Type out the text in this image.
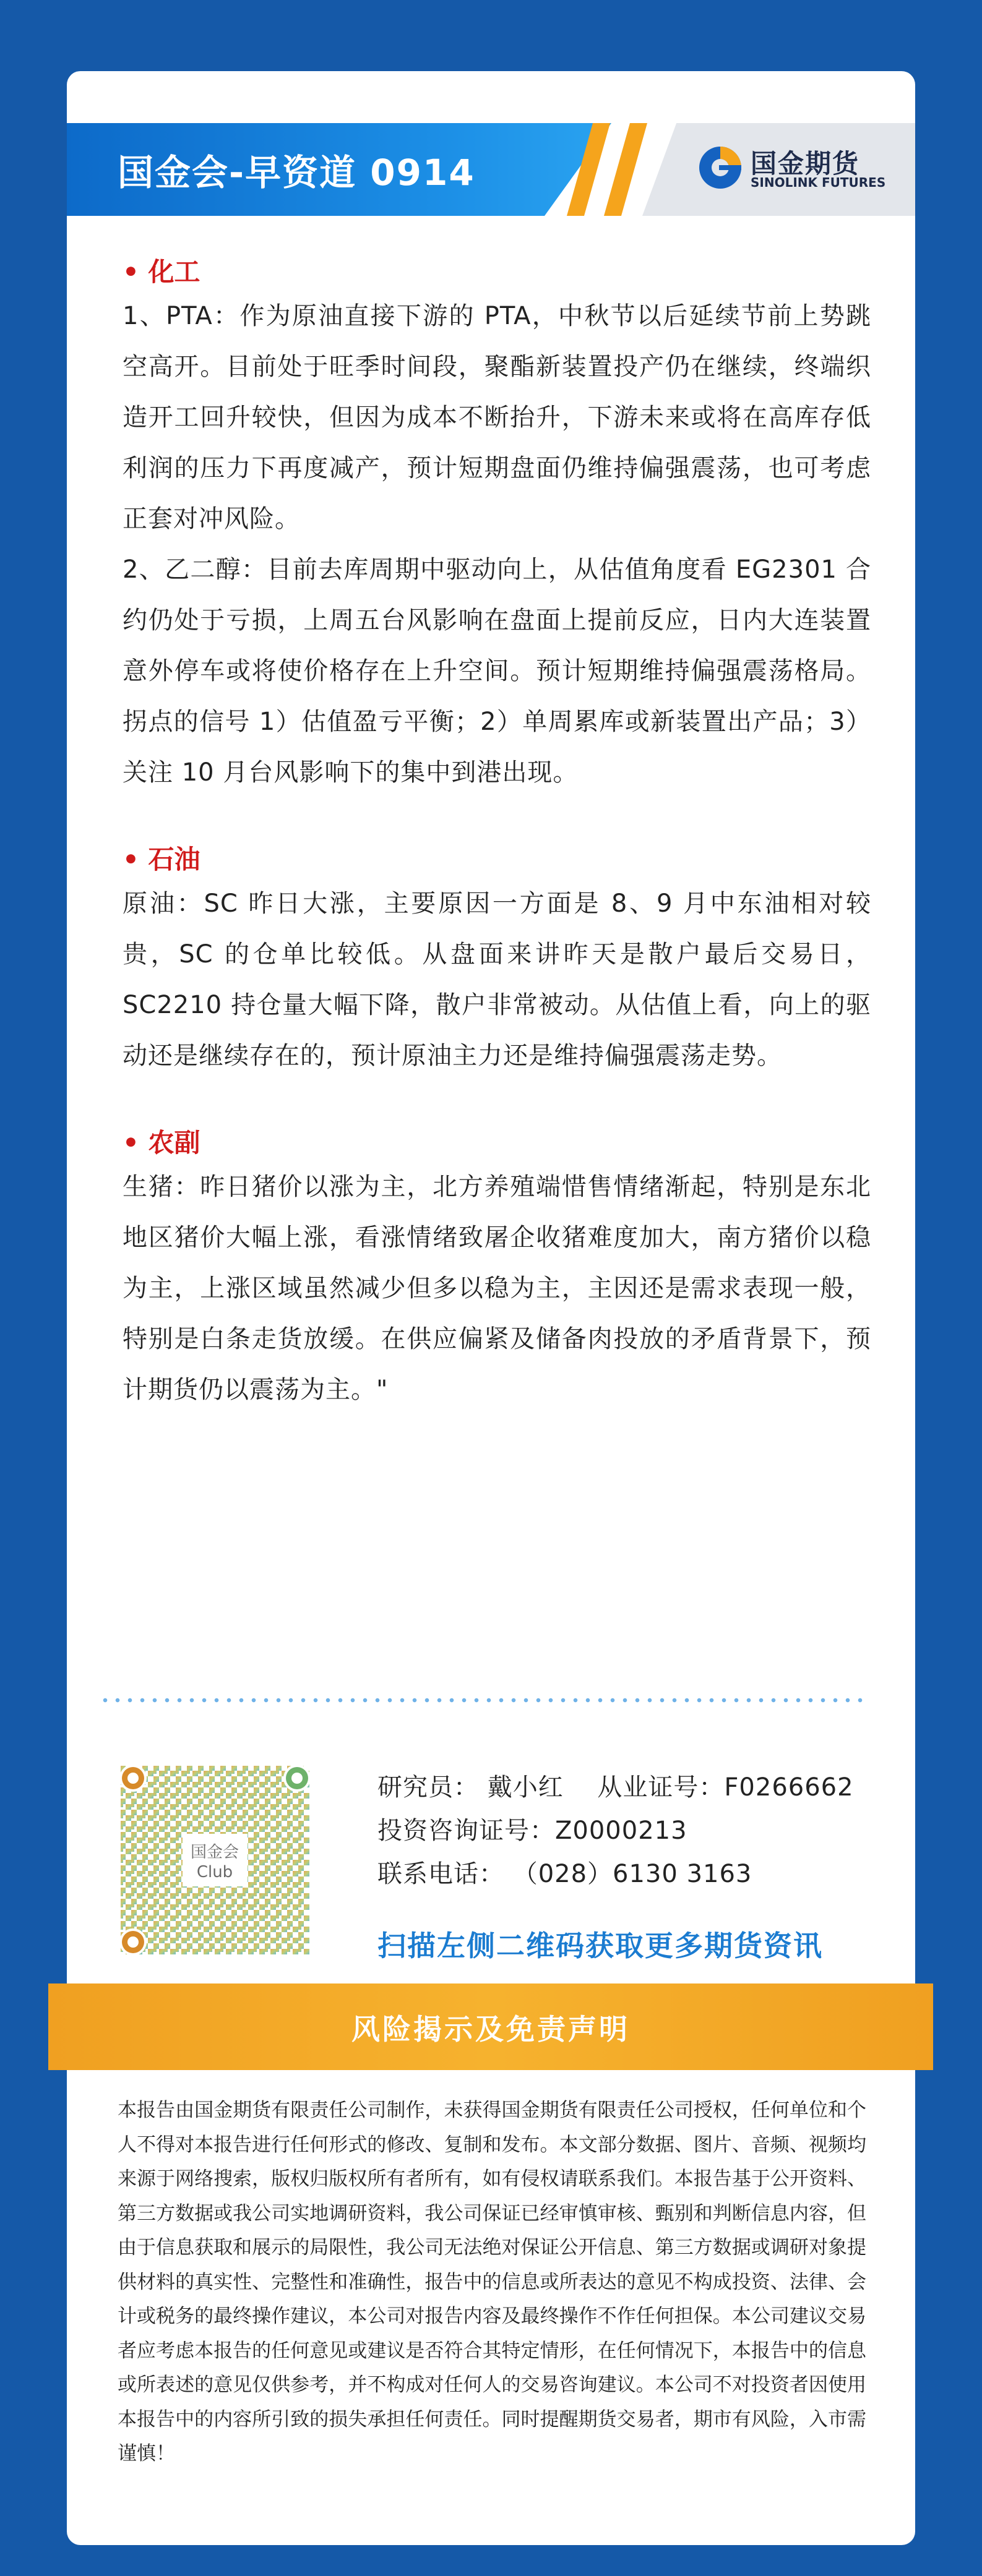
国金会-早资道 0914	国金期货
SINOLINK FUTURES
• 化工

1、PTA：作为原油直接下游的 PTA，中秋节以后延续节前上势跳空高开。目前处于旺季时间段，聚酯新装置投产仍在继续，终端织造开工回升较快，但因为成本不断抬升，下游未来或将在高库存低利润的压力下再度减产，预计短期盘面仍维持偏强震荡，也可考虑正套对冲风险。

2、乙二醇：目前去库周期中驱动向上，从估值角度看 EG2301 合约仍处于亏损，上周五台风影响在盘面上提前反应，日内大连装置意外停车或将使价格存在上升空间。预计短期维持偏强震荡格局。拐点的信号 1）估值盈亏平衡；2）单周累库或新装置出产品；3）关注 10 月台风影响下的集中到港出现。

• 石油

原油：SC 昨日大涨，主要原因一方面是 8、9 月中东油相对较贵，SC 的仓单比较低。从盘面来讲昨天是散户最后交易日，SC2210 持仓量大幅下降，散户非常被动。从估值上看，向上的驱动还是继续存在的，预计原油主力还是维持偏强震荡走势。

• 农副

生猪：昨日猪价以涨为主，北方养殖端惜售情绪渐起，特别是东北地区猪价大幅上涨，看涨情绪致屠企收猪难度加大，南方猪价以稳为主，上涨区域虽然减少但多以稳为主，主因还是需求表现一般，特别是白条走货放缓。在供应偏紧及储备肉投放的矛盾背景下，预计期货仍以震荡为主。"

国金会
Club
研究员： 戴小红　 从业证号：F0266662
投资咨询证号：Z0000213
联系电话： （028）6130 3163
扫描左侧二维码获取更多期货资讯
风险揭示及免责声明
本报告由国金期货有限责任公司制作，未获得国金期货有限责任公司授权，任何单位和个人不得对本报告进行任何形式的修改、复制和发布。本文部分数据、图片、音频、视频均来源于网络搜索，版权归版权所有者所有，如有侵权请联系我们。本报告基于公开资料、第三方数据或我公司实地调研资料，我公司保证已经审慎审核、甄别和判断信息内容，但由于信息获取和展示的局限性，我公司无法绝对保证公开信息、第三方数据或调研对象提供材料的真实性、完整性和准确性，报告中的信息或所表达的意见不构成投资、法律、会计或税务的最终操作建议，本公司对报告内容及最终操作不作任何担保。本公司建议交易者应考虑本报告的任何意见或建议是否符合其特定情形，在任何情况下，本报告中的信息或所表述的意见仅供参考，并不构成对任何人的交易咨询建议。本公司不对投资者因使用本报告中的内容所引致的损失承担任何责任。同时提醒期货交易者，期市有风险，入市需谨慎！
